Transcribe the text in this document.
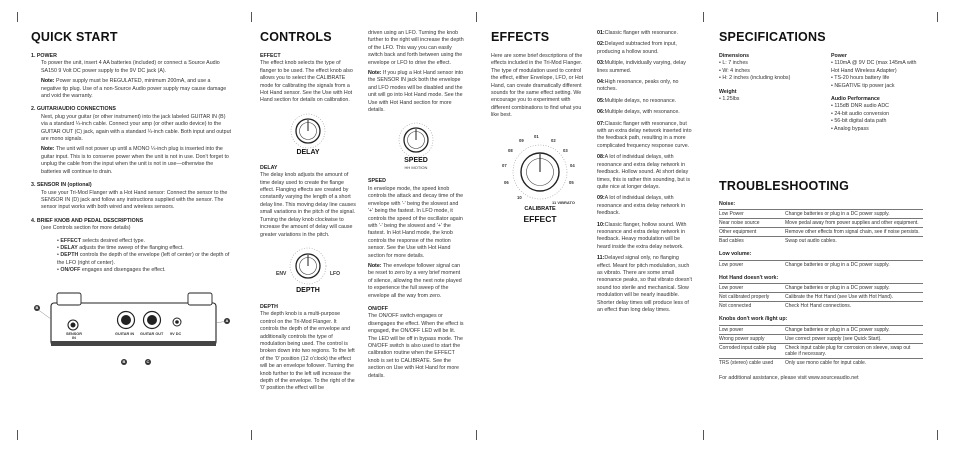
QUICK START
1. POWER

To power the unit, insert 4 AA batteries (included) or connect a Source Audio SA150 9 Volt DC power supply to the 9V DC jack (A).

Note: Power supply must be REGULATED, minimum 200mA, and use a negative tip plug. Use of a non-Source Audio power supply may cause damage and void the warranty.

2. GUITAR/AUDIO CONNECTIONS

Next, plug your guitar (or other instrument) into the jack labeled GUITAR IN (B) via a standard ¼-inch cable. Connect your amp (or other audio device) to the GUITAR OUT (C) jack, again with a standard ¼-inch cable. Both input and output are mono signals.

Note: The unit will not power up until a MONO ¼-inch plug is inserted into the guitar input. This is to conserve power when the unit is not in use. Don't forget to unplug the cable from the input when the unit is not in use—otherwise the batteries will continue to drain.

3. SENSOR IN (optional)

To use your Tri-Mod Flanger with a Hot Hand sensor: Connect the sensor to the SENSOR IN (D) jack and follow any instructions supplied with the sensor. The sensor input works with both wired and wireless sensors.

4. BRIEF KNOB AND PEDAL DESCRIPTIONS

(see Controls section for more details)

• EFFECT selects desired effect type.
• DELAY adjusts the time sweep of the flanging effect.
• DEPTH controls the depth of the envelope (left of center) or the depth of the LFO (right of center).
• ON/OFF engages and disengages the effect.
SENSOR IN
GUITAR IN GUITAR OUT 9V DC
B
A
B	C
CONTROLS
EFFECT

The effect knob selects the type of flanger to be used. The effect knob also allows you to select the CALIBRATE mode for calibrating the signals from a Hot Hand sensor. See the Use with Hot Hand section for details on calibration.

DELAY
DELAY

The delay knob adjusts the amount of time delay used to create the flange effect. Flanging effects are created by constantly varying the length of a short delay line. This moving delay line causes small variations in the pitch of the signal. Turning the delay knob clockwise to increase the amount of delay will cause greater variations in the pitch.

ENV	LFO
DEPTH
DEPTH

The depth knob is a multi-purpose control on the Tri-Mod Flanger. It controls the depth of the envelope and additionally controls the type of modulation being used. The control is broken down into two regions. To the left of the '0' position (12 o'clock) the effect will be an envelope follower. Turning the knob further to the left will increase the depth of the envelope. To the right of the '0' position the effect will be

driven using an LFO. Turning the knob further to the right will increase the depth of the LFO. This way you can easily switch back and forth between using the envelope or LFO to drive the effect.

Note: If you plug a Hot Hand sensor into the SENSOR IN jack both the envelope and LFO modes will be disabled and the unit will go into Hot Hand mode. See the Use with Hot Hand section for more details.

SPEED
HH MOTION
SPEED

In envelope mode, the speed knob controls the attack and decay time of the envelope with '-' being the slowest and '+' being the fastest. In LFO mode, it controls the speed of the oscillator again with '-' being the slowest and '+' the fastest. In Hot Hand mode, the knob controls the response of the motion sensor. See the Use with Hot Hand section for more details.

Note: The envelope follower signal can be reset to zero by a very brief moment of silence, allowing the next note played to experience the full sweep of the envelope all the way from zero.

ON/OFF

The ON/OFF switch engages or disengages the effect. When the effect is engaged, the ON/OFF LED will be lit. The LED will be off in bypass mode. The ON/OFF switch is also used to start the calibration routine when the EFFECT knob is set to CALIBRATE. See the section on Use with Hot Hand for more details.

EFFECTS

Here are some brief descriptions of the effects included in the Tri-Mod Flanger. The type of modulation used to control the effect, either Envelope, LFO, or Hot Hand, can create dramatically different sounds for the same effect setting. We encourage you to experiment with different combinations to find what you like best.

01
02
03
04
05
06
07
08
09
10
11 VIBRATO
CALIBRATE
EFFECT

01:Classic flanger with resonance.

02:Delayed subtracted from input, producing a hollow sound.

03:Multiple, individually varying, delay lines summed.

04:High resonance, peaks only, no notches.

05:Multiple delays, no resonance.

06:Multiple delays, with resonance.

07:Classic flanger with resonance, but with an extra delay network inserted into the feedback path, resulting in a more complicated frequency response curve.

08:A lot of individual delays, with resonance and extra delay network in feedback. Hollow sound. At short delay times, this is rather thin sounding, but is quite nice at longer delays.

09:A lot of individual delays, with resonance and extra delay network in feedback.

10:Classic flanger, hollow sound. With resonance and extra delay network in feedback. Heavy modulation will be heard inside the extra delay network.

11:Delayed signal only, no flanging effect. Meant for pitch modulation, such as vibrato. There are some small resonance peaks, so that vibrato doesn't sound too sterile and mechanical. Slow modulation will be nearly inaudible. Shorter delay times will produce less of an effect than long delay times.

SPECIFICATIONS
Dimensions
• L: 7 inches
• W: 4 inches
• H: 2 inches (including knobs)
Weight
• 1.25lbs
Power
• 110mA @ 9V DC (max 145mA with Hot Hand Wireless Adapter)
• TS-20 hours battery life
• NEGATIVE tip power jack
Audio Performance
• 115dB DNR audio ADC
• 24-bit audio conversion
• 56-bit digital data path
• Analog bypass
TROUBLESHOOTING
Noise:
Low Power	Change batteries or plug in a DC power supply.
Near noise source	Move pedal away from power supplies and other equipment.
Other equipment	Remove other effects from signal chain, see if noise persists.
Bad cables	Swap out audio cables.
Low volume:
Low power	Change batteries or plug in a DC power supply.
Hot Hand doesn't work:
Low power	Change batteries or plug in a DC power supply.
Not calibrated properly	Calibrate the Hot Hand (see Use with Hot Hand).
Not connected	Check Hot Hand connections.
Knobs don't work /light up:
Low power	Change batteries or plug in a DC power supply.
Wrong power supply	Use correct power supply (see Quick Start).
Corroded input cable plug	Check input cable plug for corrosion on sleeve, swap out cable if necessary.
TRS (stereo) cable used	Only use mono cable for input cable.

For additional assistance, please visit www.sourceaudio.net
